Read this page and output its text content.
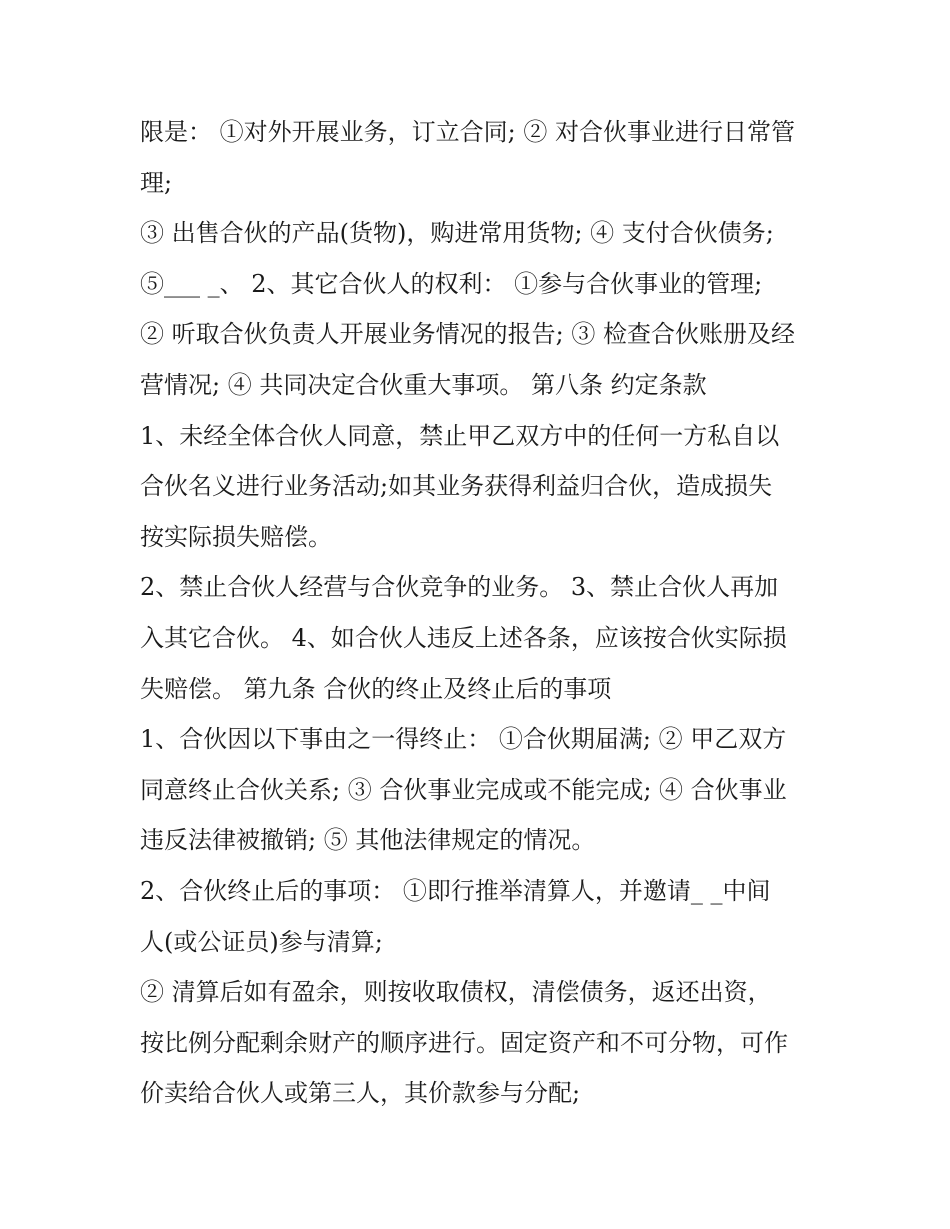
限是： ①对外开展业务，订立合同; ② 对合伙事业进行日常管
理;
③ 出售合伙的产品(货物)，购进常用货物; ④ 支付合伙债务;
⑤___ _、 2、其它合伙人的权利： ①参与合伙事业的管理;
② 听取合伙负责人开展业务情况的报告; ③ 检查合伙账册及经
营情况; ④ 共同决定合伙重大事项。 第八条 约定条款
1、未经全体合伙人同意，禁止甲乙双方中的任何一方私自以
合伙名义进行业务活动;如其业务获得利益归合伙，造成损失
按实际损失赔偿。
2、禁止合伙人经营与合伙竞争的业务。 3、禁止合伙人再加
入其它合伙。 4、如合伙人违反上述各条，应该按合伙实际损
失赔偿。 第九条 合伙的终止及终止后的事项
1、合伙因以下事由之一得终止： ①合伙期届满; ② 甲乙双方
同意终止合伙关系; ③ 合伙事业完成或不能完成; ④ 合伙事业
违反法律被撤销; ⑤ 其他法律规定的情况。
2、合伙终止后的事项： ①即行推举清算人，并邀请_ _中间
人(或公证员)参与清算;
② 清算后如有盈余，则按收取债权，清偿债务，返还出资，
按比例分配剩余财产的顺序进行。固定资产和不可分物，可作
价卖给合伙人或第三人，其价款参与分配;
